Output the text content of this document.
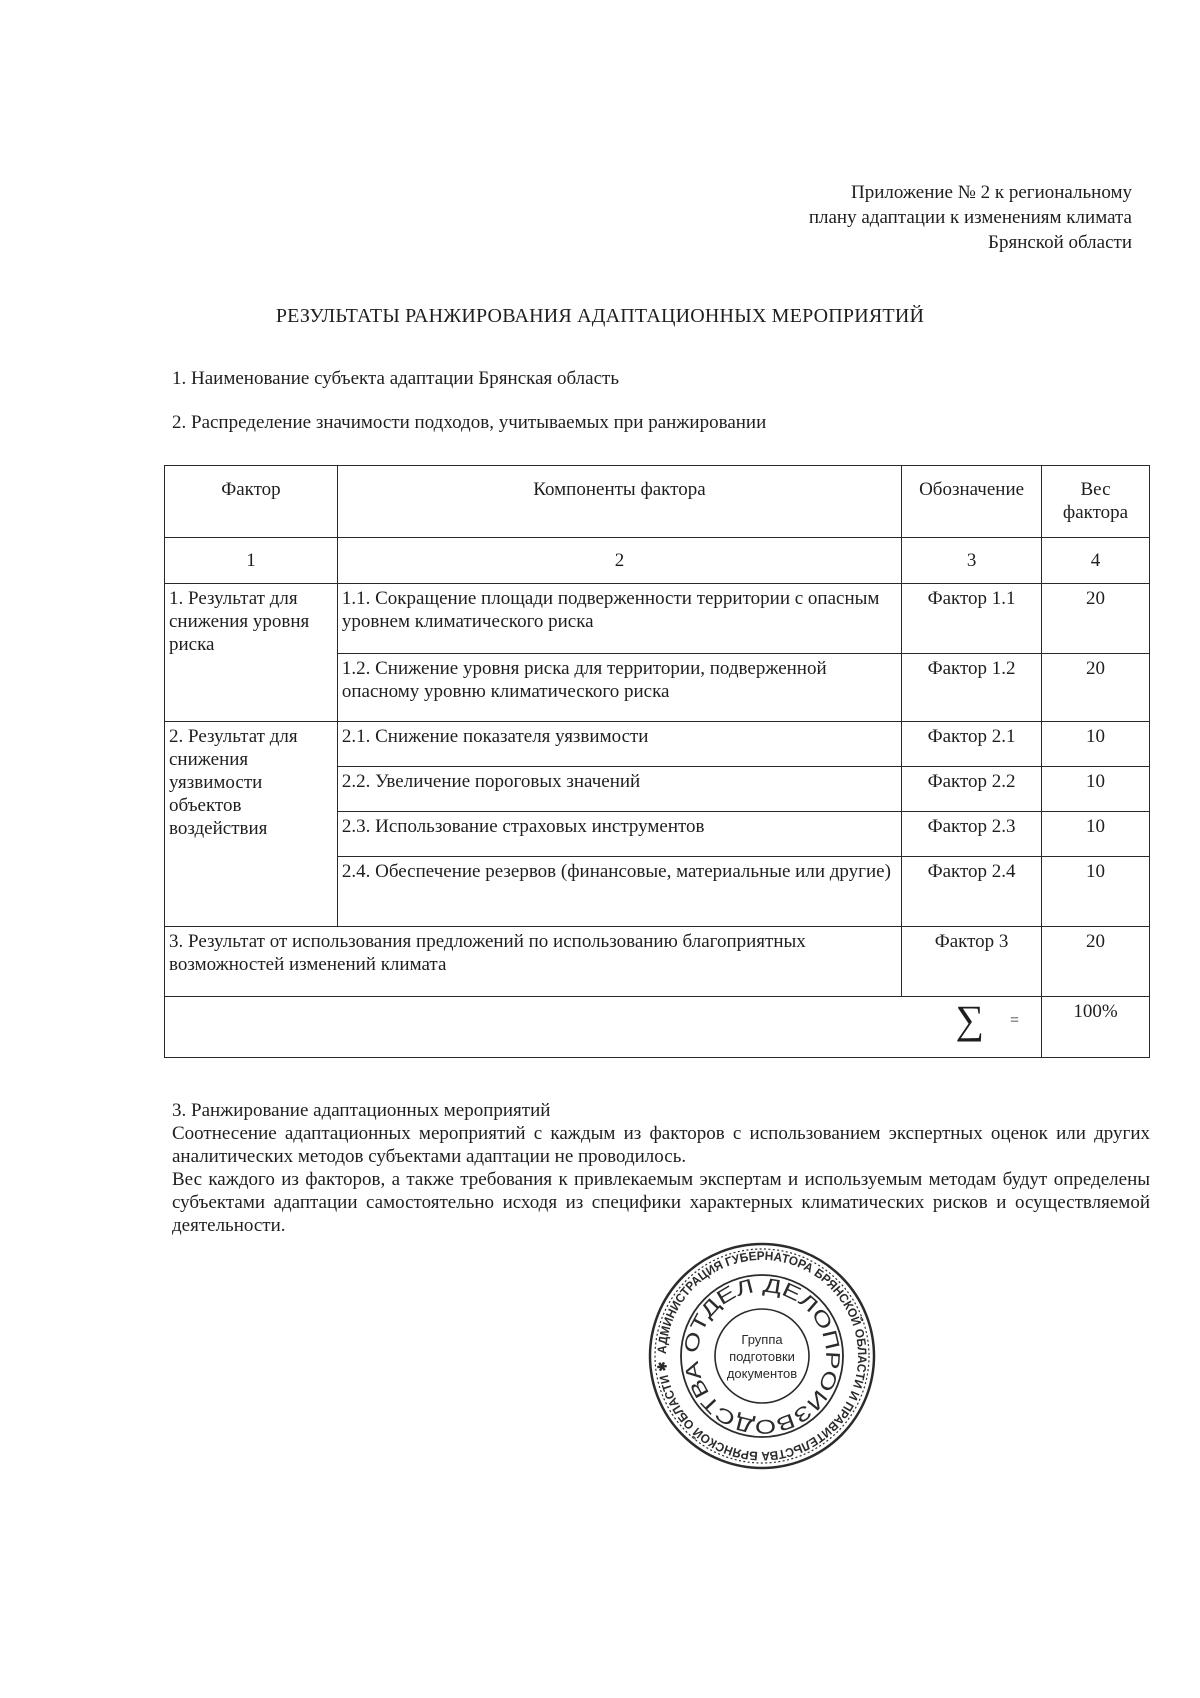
Приложение № 2 к региональному
плану адаптации к изменениям климата
Брянской области
РЕЗУЛЬТАТЫ РАНЖИРОВАНИЯ АДАПТАЦИОННЫХ МЕРОПРИЯТИЙ
1. Наименование субъекта адаптации Брянская область
2. Распределение значимости подходов, учитываемых при ранжировании
Фактор	Компоненты фактора	Обозначение	Вес фактора
1	2	3	4
1. Результат для снижения уровня риска	1.1. Сокращение площади подверженности территории с опасным уровнем климатического риска	Фактор 1.1	20
	1.2. Снижение уровня риска для территории, подверженной опасному уровню климатического риска	Фактор 1.2	20
2. Результат для снижения уязвимости объектов воздействия	2.1. Снижение показателя уязвимости	Фактор 2.1	10
	2.2. Увеличение пороговых значений	Фактор 2.2	10
	2.3. Использование страховых инструментов	Фактор 2.3	10
	2.4. Обеспечение резервов (финансовые, материальные или другие)	Фактор 2.4	10
3. Результат от использования предложений по использованию благоприятных возможностей изменений климата		Фактор 3	20
∑ =			100%

3. Ранжирование адаптационных мероприятий

Соотнесение адаптационных мероприятий с каждым из факторов с использованием экспертных оценок или других аналитических методов субъектами адаптации не проводилось.

Вес каждого из факторов, а также требования к привлекаемым экспертам и используемым методам будут определены субъектами адаптации самостоятельно исходя из специфики характерных климатических рисков и осуществляемой деятельности.

АДМИНИСТРАЦИЯ ГУБЕРНАТОРА БРЯНСКОЙ ОБЛАСТИ И ПРАВИТЕЛЬСТВА БРЯНСКОЙ ОБЛАСТИ ✱
ОТДЕЛ ДЕЛОПРОИЗВОДСТВА
Группа
подготовки
документов
